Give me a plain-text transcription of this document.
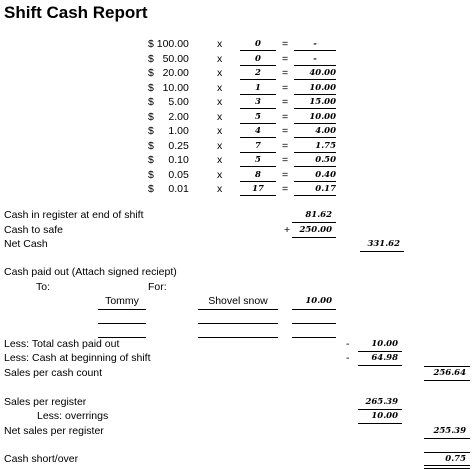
Shift Cash Report
$ 100.00	x	0	=	-
$   50.00	x	0	=	-
$   20.00	x	2	=	40.00
$   10.00	x	1	=	10.00
$     5.00	x	3	=	15.00
$     2.00	x	5	=	10.00
$     1.00	x	4	=	4.00
$     0.25	x	7	=	1.75
$     0.10	x	5	=	0.50
$     0.05	x	8	=	0.40
$     0.01	x	17	=	0.17
Cash in register at end of shift	81.62
Cash to safe	+	250.00
Net Cash	331.62
Cash paid out (Attach signed reciept)
To:	For:
Tommy	Shovel snow	10.00
Less: Total cash paid out	-	10.00
Less: Cash at beginning of shift	-	64.98
Sales per cash count	256.64
Sales per register	265.39
Less: overrings	10.00
Net sales per register	255.39
Cash short/over	0.75
